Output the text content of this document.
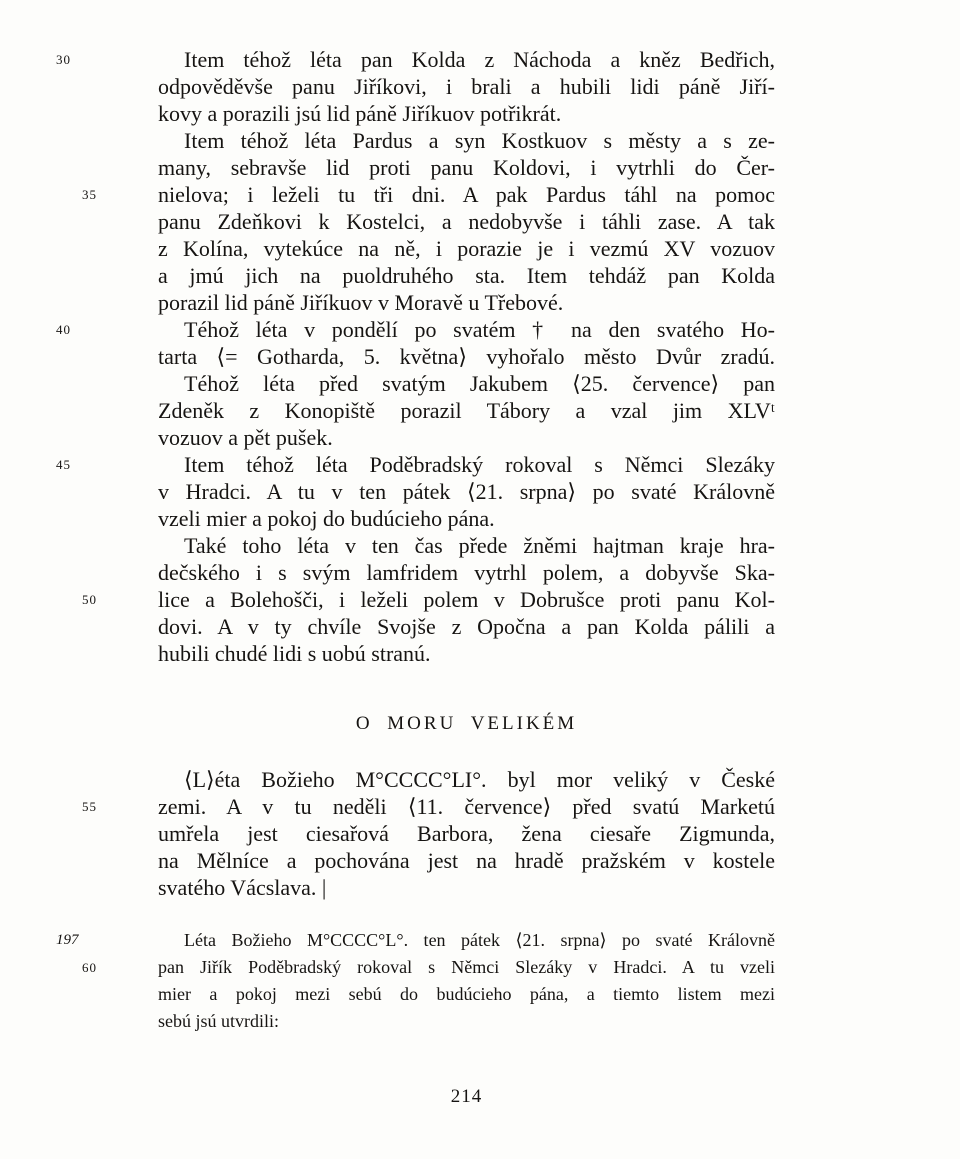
30	Item téhož léta pan Kolda z Náchoda a kněz Bedřich,
odpověděvše panu Jiříkovi, i brali a hubili lidi páně Jiří-
kovy a porazili jsú lid páně Jiříkuov potřikrát.
Item téhož léta Pardus a syn Kostkuov s městy a s ze-
many, sebravše lid proti panu Koldovi, i vytrhli do Čer-
35	nielova; i leželi tu tři dni. A pak Pardus táhl na pomoc
panu Zdeňkovi k Kostelci, a nedobyvše i táhli zase. A tak
z Kolína, vytekúce na ně, i porazie je i vezmú XV vozuov
a jmú jich na puoldruhého sta. Item tehdáž pan Kolda
porazil lid páně Jiříkuov v Moravě u Třebové.
40	Téhož léta v pondělí po svatém † na den svatého Ho-
tarta ⟨= Gotharda, 5. května⟩ vyhořalo město Dvůr zradú.
Téhož léta před svatým Jakubem ⟨25. července⟩ pan
Zdeněk z Konopiště porazil Tábory a vzal jim XLVᵗ
vozuov a pět pušek.
45	Item téhož léta Poděbradský rokoval s Němci Slezáky
v Hradci. A tu v ten pátek ⟨21. srpna⟩ po svaté Královně
vzeli mier a pokoj do budúcieho pána.
Také toho léta v ten čas přede žněmi hajtman kraje hra-
dečského i s svým lamfridem vytrhl polem, a dobyvše Ska-
50	lice a Bolehošči, i leželi polem v Dobrušce proti panu Kol-
dovi. A v ty chvíle Svojše z Opočna a pan Kolda pálili a
hubili chudé lidi s uobú stranú.
O MORU VELIKÉM
⟨L⟩éta Božieho M°CCCC°LI°. byl mor veliký v České
55	zemi. A v tu neděli ⟨11. července⟩ před svatú Marketú
umřela jest ciesařová Barbora, žena ciesaře Zigmunda,
na Mělníce a pochována jest na hradě pražském v kostele
svatého Vácslava. |
197	Léta Božieho M°CCCC°L°. ten pátek ⟨21. srpna⟩ po svaté Královně
60	pan Jiřík Poděbradský rokoval s Němci Slezáky v Hradci. A tu vzeli
mier a pokoj mezi sebú do budúcieho pána, a tiemto listem mezi
sebú jsú utvrdili:
214
